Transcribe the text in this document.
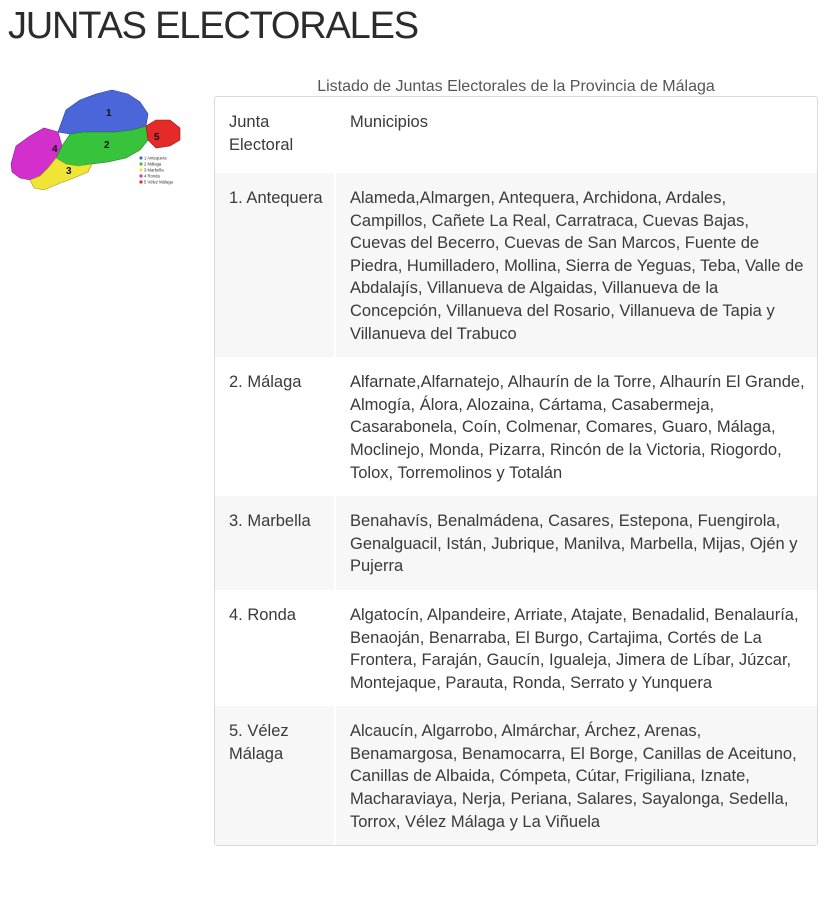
JUNTAS ELECTORALES
1
2
3
4
5
1 Antequera
2 Málaga
3 Marbella
4 Ronda
5 Vélez Málaga
Listado de Juntas Electorales de la Provincia de Málaga
Junta Electoral	Municipios
1. Antequera	Alameda,Almargen, Antequera, Archidona, Ardales, Campillos, Cañete La Real, Carratraca, Cuevas Bajas, Cuevas del Becerro, Cuevas de San Marcos, Fuente de Piedra, Humilladero, Mollina, Sierra de Yeguas, Teba, Valle de Abdalajís, Villanueva de Algaidas, Villanueva de la Concepción, Villanueva del Rosario, Villanueva de Tapia y Villanueva del Trabuco
2. Málaga	Alfarnate,Alfarnatejo, Alhaurín de la Torre, Alhaurín El Grande, Almogía, Álora, Alozaina, Cártama, Casabermeja, Casarabonela, Coín, Colmenar, Comares, Guaro, Málaga, Moclinejo, Monda, Pizarra, Rincón de la Victoria, Riogordo, Tolox, Torremolinos y Totalán
3. Marbella	Benahavís, Benalmádena, Casares, Estepona, Fuengirola, Genalguacil, Istán, Jubrique, Manilva, Marbella, Mijas, Ojén y Pujerra
4. Ronda	Algatocín, Alpandeire, Arriate, Atajate, Benadalid, Benalauría, Benaoján, Benarraba, El Burgo, Cartajima, Cortés de La Frontera, Faraján, Gaucín, Igualeja, Jimera de Líbar, Júzcar, Montejaque, Parauta, Ronda, Serrato y Yunquera
5. Vélez Málaga	Alcaucín, Algarrobo, Almárchar, Árchez, Arenas, Benamargosa, Benamocarra, El Borge, Canillas de Aceituno, Canillas de Albaida, Cómpeta, Cútar, Frigiliana, Iznate, Macharaviaya, Nerja, Periana, Salares, Sayalonga, Sedella, Torrox, Vélez Málaga y La Viñuela
